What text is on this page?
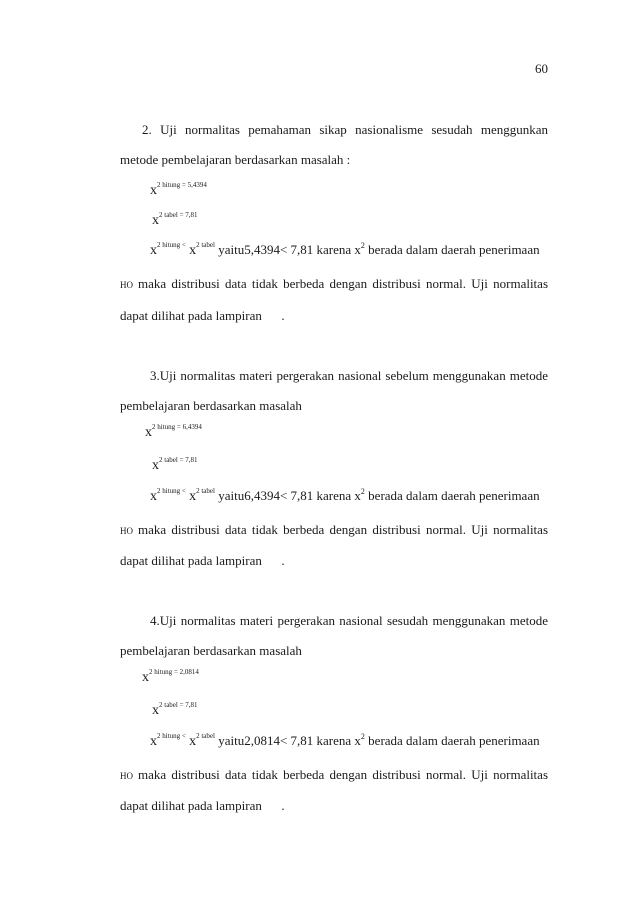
60
2. Uji normalitas pemahaman sikap nasionalisme sesudah menggunkan
metode pembelajaran berdasarkan masalah :
$x^{2 hitung = 5,4394}$
$x^{2 tabel = 7,81}$
$x^{2 hitung <}$ $x^{2 tabel}$ yaitu5,4394< 7,81 karena $x^2$ berada dalam daerah penerimaan
HO maka distribusi data tidak berbeda dengan distribusi normal. Uji normalitas
dapat dilihat pada lampiran      .
3.Uji normalitas materi pergerakan nasional sebelum menggunakan metode
pembelajaran berdasarkan masalah
$x^{2 hitung = 6,4394}$
$x^{2 tabel = 7,81}$
$x^{2 hitung <}$ $x^{2 tabel}$ yaitu6,4394< 7,81 karena $x^2$ berada dalam daerah penerimaan
HO maka distribusi data tidak berbeda dengan distribusi normal. Uji normalitas
dapat dilihat pada lampiran      .
4.Uji normalitas materi pergerakan nasional sesudah menggunakan metode
pembelajaran berdasarkan masalah
$x^{2 hitung = 2,0814}$
$x^{2 tabel = 7,81}$
$x^{2 hitung <}$ $x^{2 tabel}$ yaitu2,0814< 7,81 karena $x^2$ berada dalam daerah penerimaan
HO maka distribusi data tidak berbeda dengan distribusi normal. Uji normalitas
dapat dilihat pada lampiran      .
